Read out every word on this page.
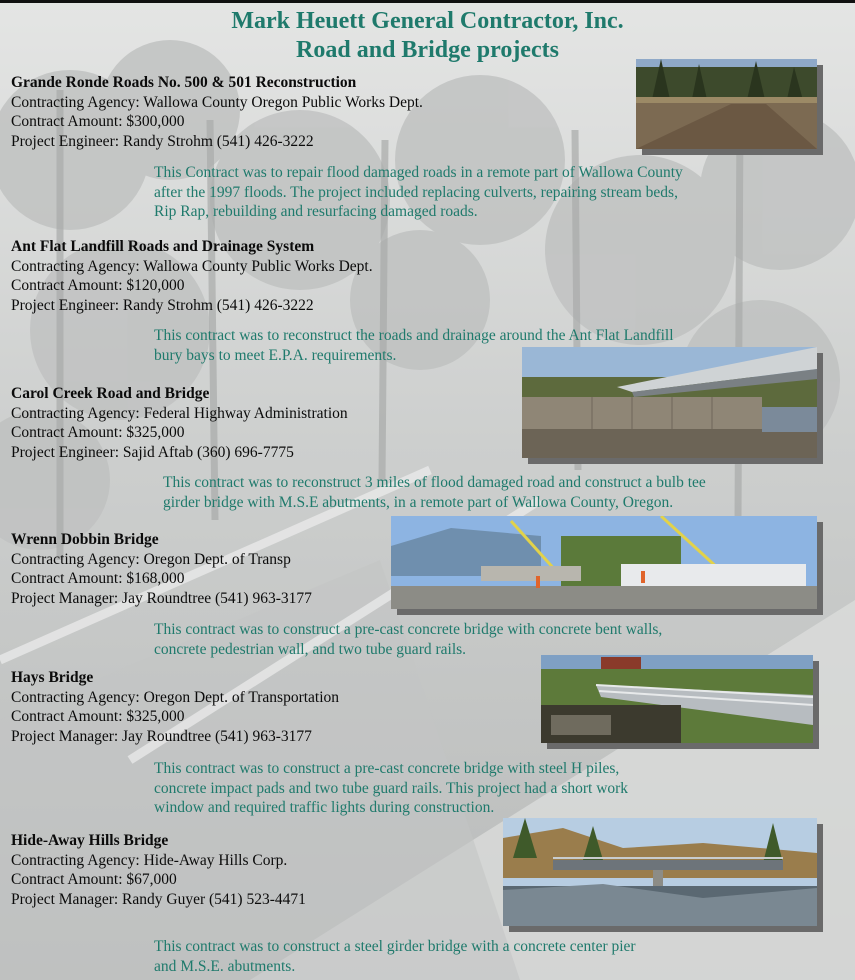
Mark Heuett General Contractor, Inc.
Road and Bridge projects
Grande Ronde Roads No. 500 & 501 Reconstruction
Contracting Agency: Wallowa County Oregon Public Works Dept.
Contract Amount: $300,000
Project Engineer: Randy Strohm (541) 426-3222
This Contract was to repair flood damaged roads in a remote part of Wallowa County
after the 1997 floods. The project included replacing culverts, repairing stream beds,
Rip Rap, rebuilding and resurfacing damaged roads.
Ant Flat Landfill Roads and Drainage System
Contracting Agency: Wallowa County Public Works Dept.
Contract Amount: $120,000
Project Engineer: Randy Strohm (541) 426-3222
This contract was to reconstruct the roads and drainage around the Ant Flat Landfill
bury bays to meet E.P.A. requirements.
Carol Creek Road and Bridge
Contracting Agency: Federal Highway Administration
Contract Amount: $325,000
Project Engineer: Sajid Aftab (360) 696-7775
This contract was to reconstruct 3 miles of flood damaged road and construct a bulb tee
girder bridge with M.S.E abutments, in a remote part of Wallowa County, Oregon.
Wrenn Dobbin Bridge
Contracting Agency: Oregon Dept. of Transp
Contract Amount: $168,000
Project Manager: Jay Roundtree (541) 963-3177
This contract was to construct a pre-cast concrete bridge with concrete bent walls,
concrete pedestrian wall, and two tube guard rails.
Hays Bridge
Contracting Agency: Oregon Dept. of Transportation
Contract Amount: $325,000
Project Manager: Jay Roundtree (541) 963-3177
This contract was to construct a pre-cast concrete bridge with steel H piles,
concrete impact pads and two tube guard rails. This project had a short work
window and required traffic lights during construction.
Hide-Away Hills Bridge
Contracting Agency: Hide-Away Hills Corp.
Contract Amount: $67,000
Project Manager: Randy Guyer (541) 523-4471
This contract was to construct a steel girder bridge with a concrete center pier
and M.S.E. abutments.
